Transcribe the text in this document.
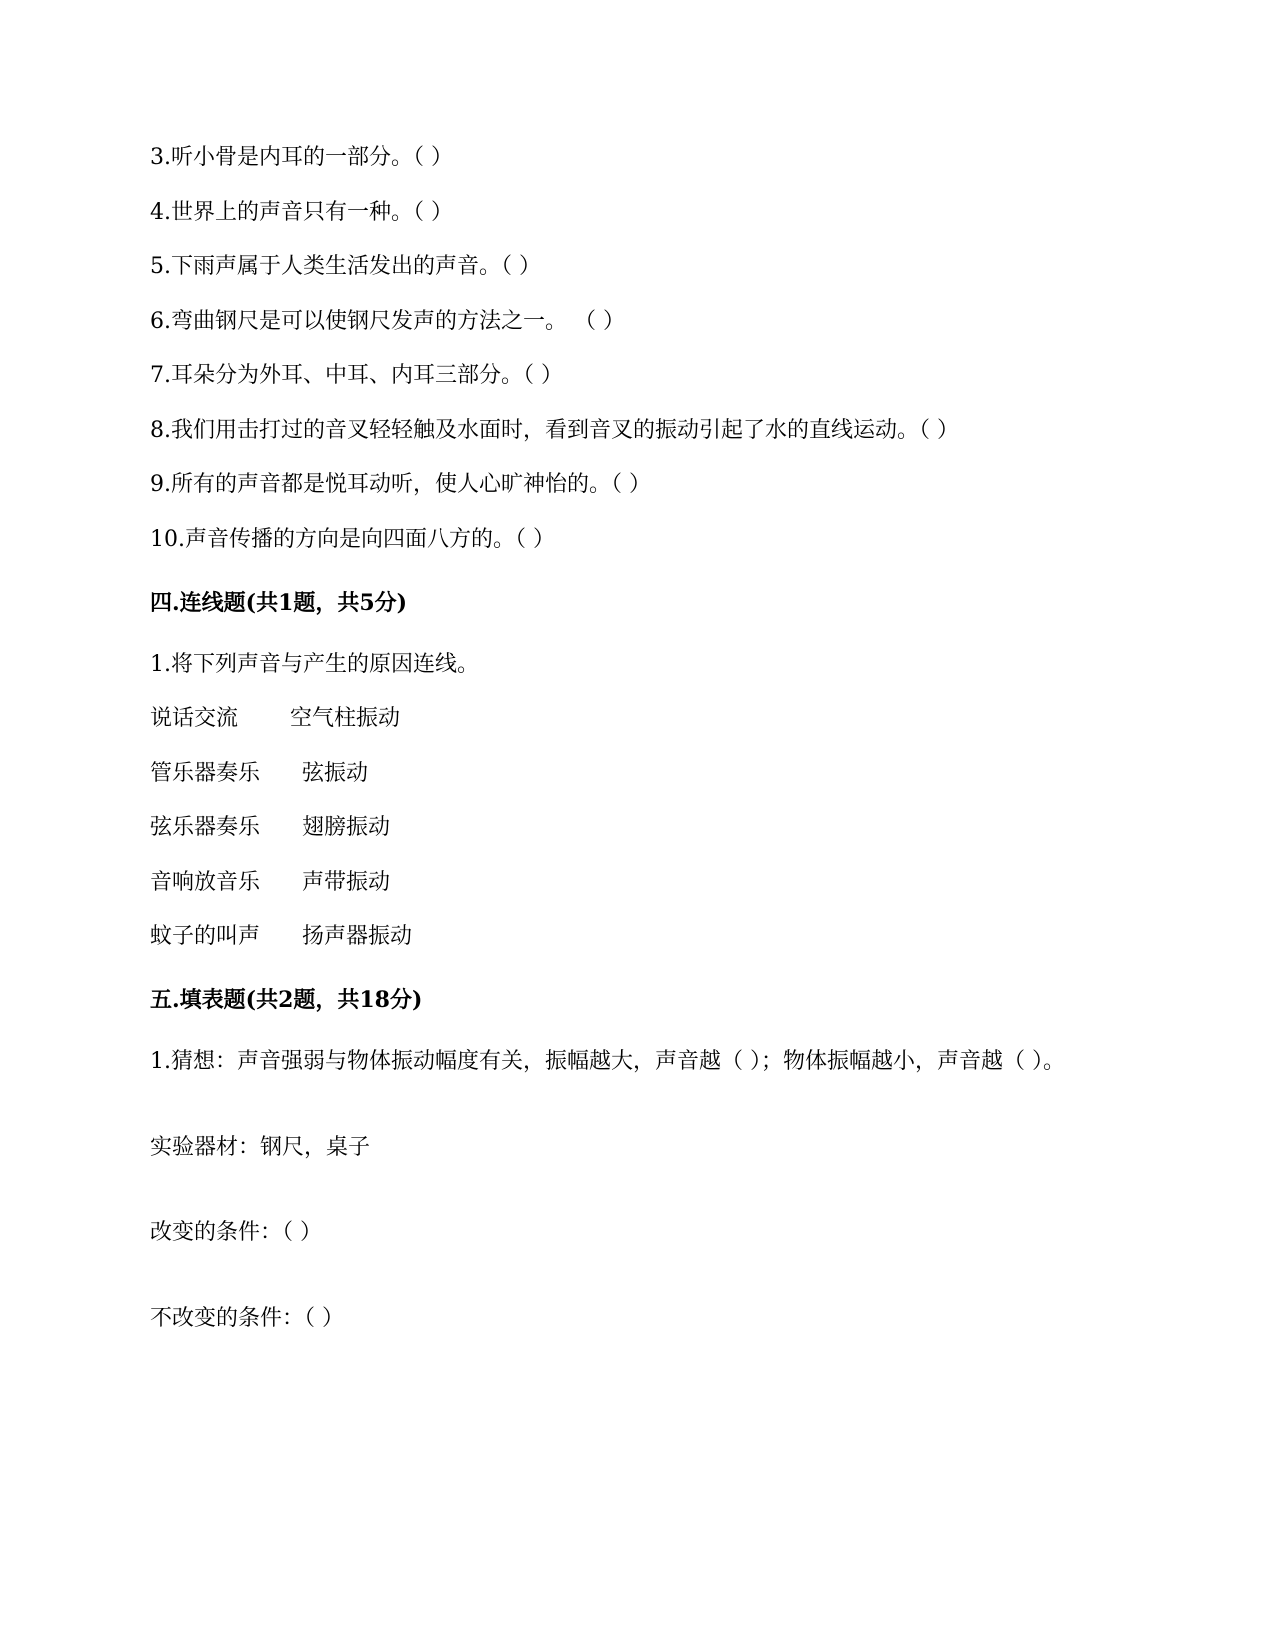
3.听小骨是内耳的一部分。（ ）
4.世界上的声音只有一种。（ ）
5.下雨声属于人类生活发出的声音。（ ）
6.弯曲钢尺是可以使钢尺发声的方法之一。 （ ）
7.耳朵分为外耳、中耳、内耳三部分。（ ）
8.我们用击打过的音叉轻轻触及水面时，看到音叉的振动引起了水的直线运动。（ ）
9.所有的声音都是悦耳动听，使人心旷神怡的。（ ）
10.声音传播的方向是向四面八方的。（ ）
四.连线题(共1题，共5分)
1.将下列声音与产生的原因连线。
说话交流 空气柱振动
管乐器奏乐 弦振动
弦乐器奏乐 翅膀振动
音响放音乐 声带振动
蚊子的叫声 扬声器振动
五.填表题(共2题，共18分)
1.猜想：声音强弱与物体振动幅度有关，振幅越大，声音越（ ）；物体振幅越小，声音越（ ）。
实验器材：钢尺，桌子
改变的条件：（ ）
不改变的条件：（ ）
